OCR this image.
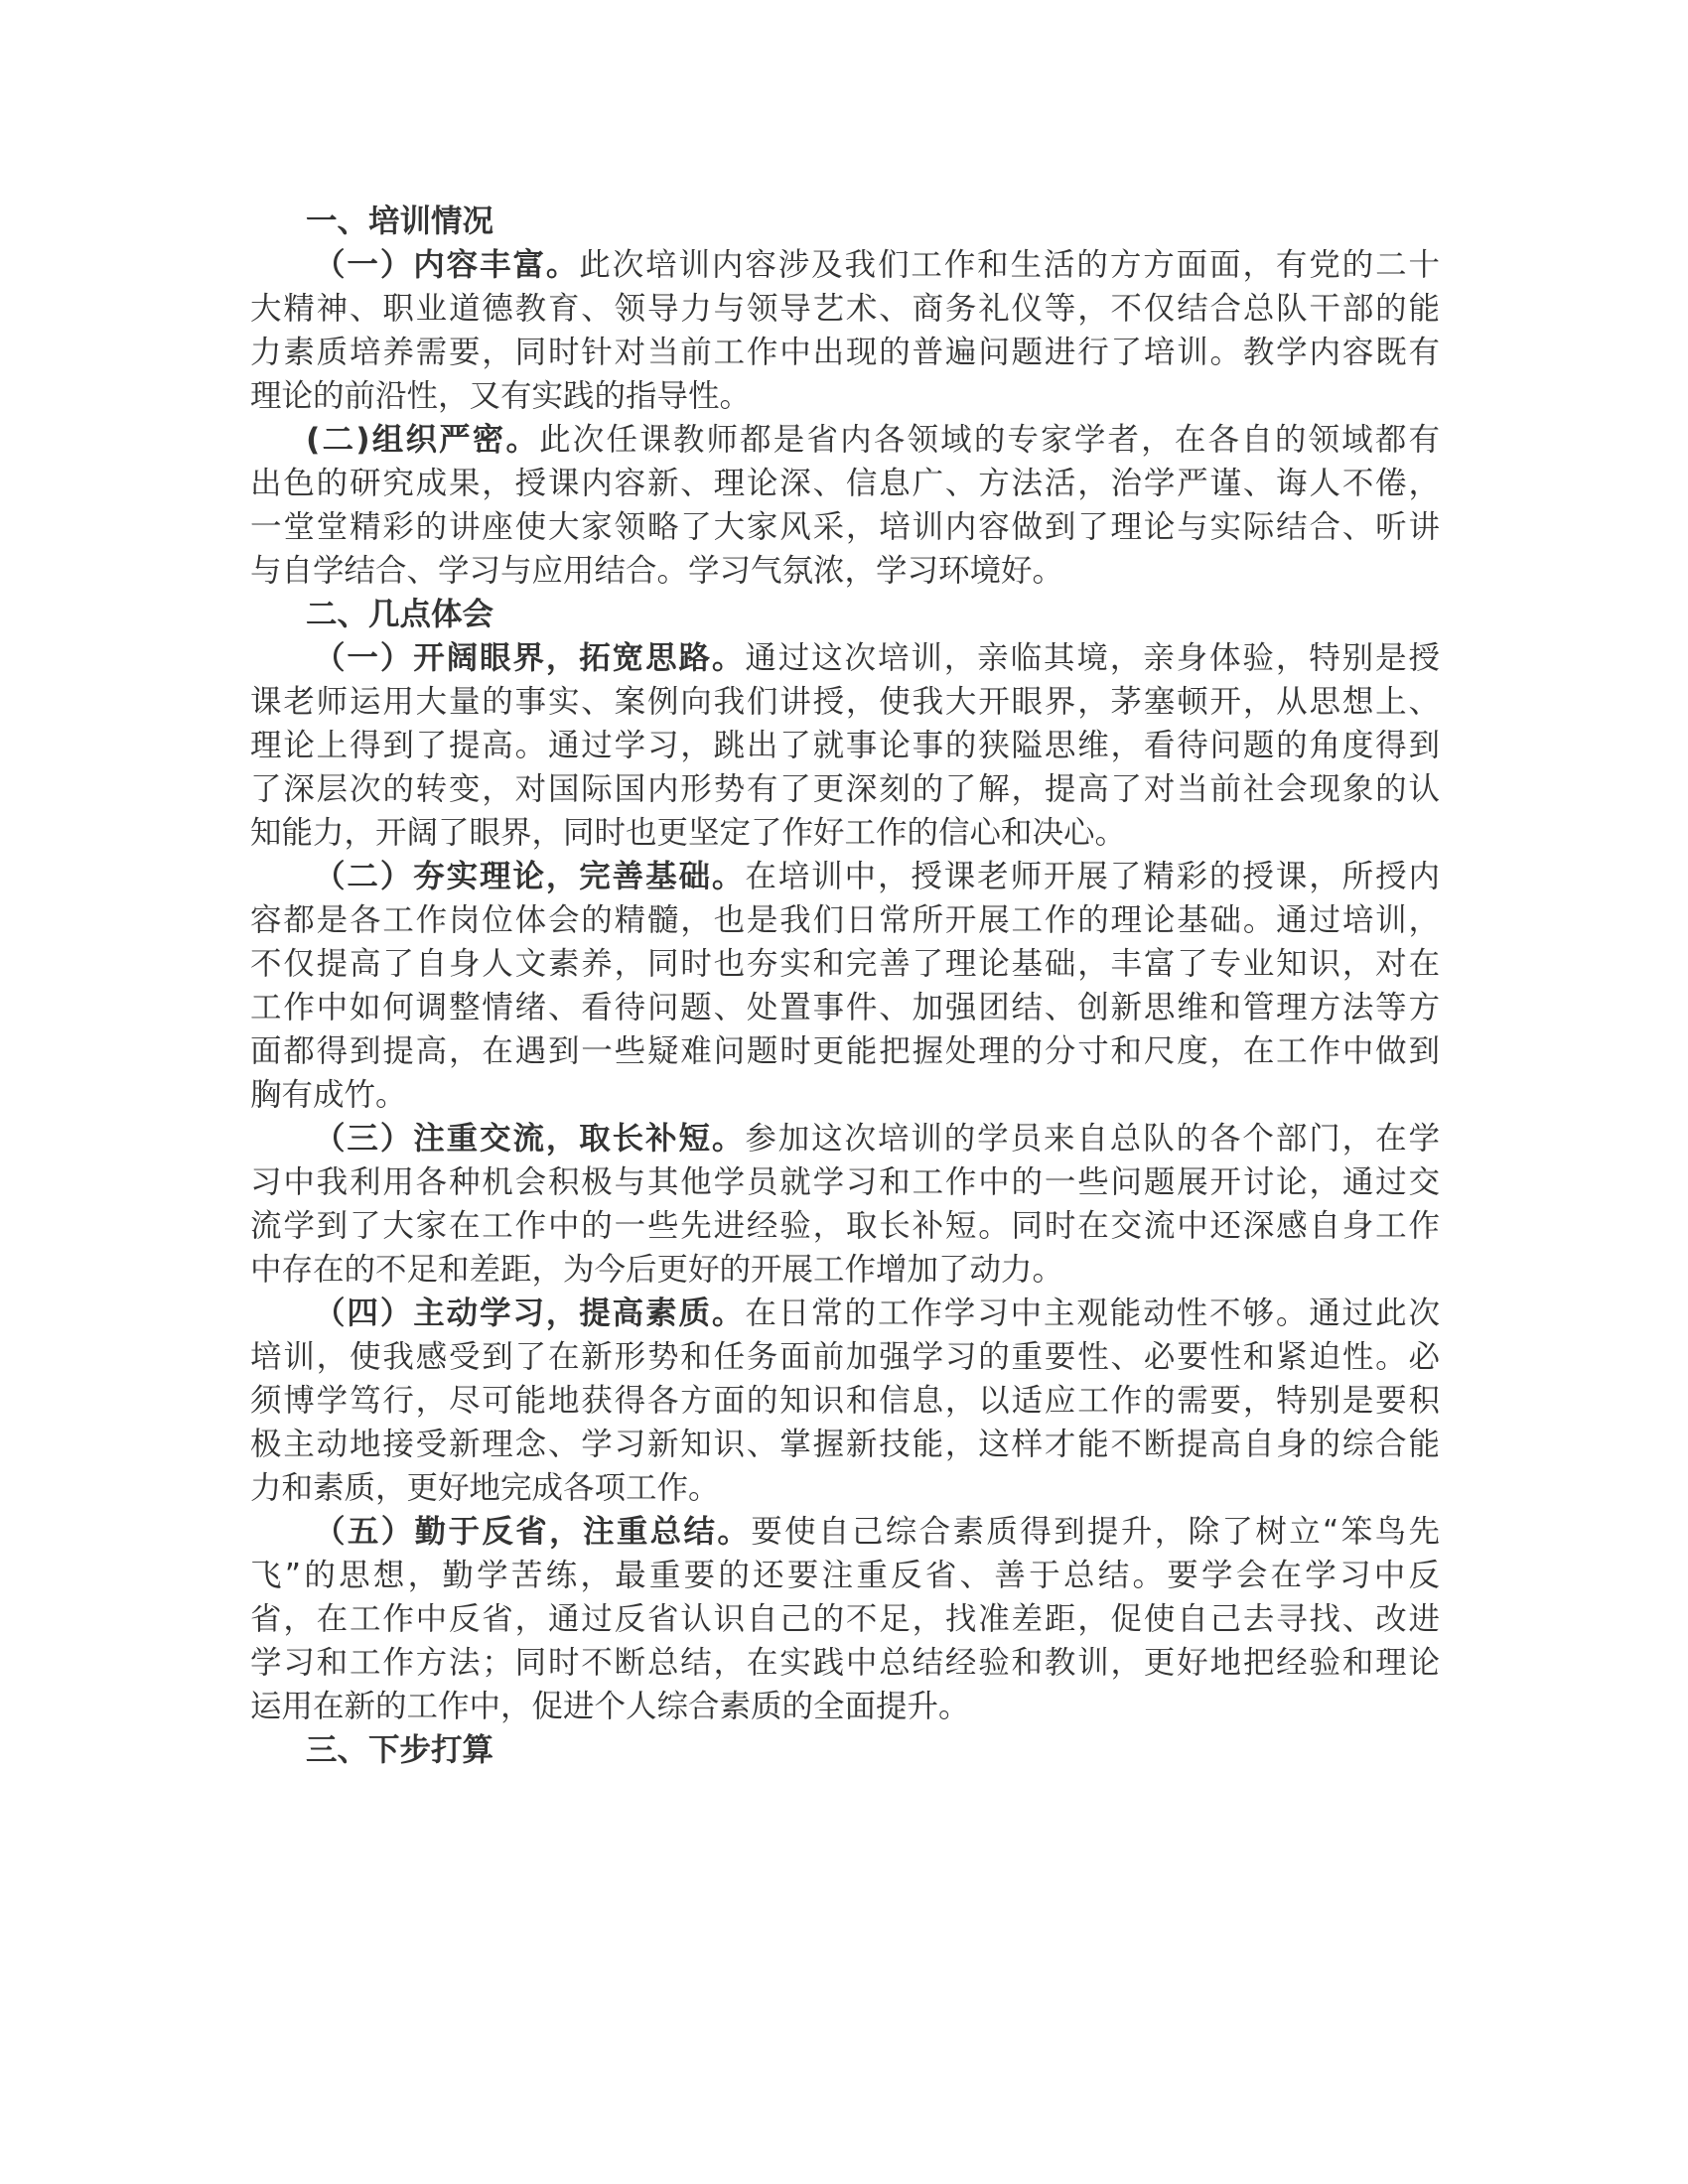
一、培训情况
（一）内容丰富。此次培训内容涉及我们工作和生活的方方面面，有党的二十
大精神、职业道德教育、领导力与领导艺术、商务礼仪等，不仅结合总队干部的能
力素质培养需要，同时针对当前工作中出现的普遍问题进行了培训。教学内容既有
理论的前沿性，又有实践的指导性。
(二)组织严密。此次任课教师都是省内各领域的专家学者，在各自的领域都有
出色的研究成果，授课内容新、理论深、信息广、方法活，治学严谨、诲人不倦，
一堂堂精彩的讲座使大家领略了大家风采，培训内容做到了理论与实际结合、听讲
与自学结合、学习与应用结合。学习气氛浓，学习环境好。
二、几点体会
（一）开阔眼界，拓宽思路。通过这次培训，亲临其境，亲身体验，特别是授
课老师运用大量的事实、案例向我们讲授，使我大开眼界，茅塞顿开，从思想上、
理论上得到了提高。通过学习，跳出了就事论事的狭隘思维，看待问题的角度得到
了深层次的转变，对国际国内形势有了更深刻的了解，提高了对当前社会现象的认
知能力，开阔了眼界，同时也更坚定了作好工作的信心和决心。
（二）夯实理论，完善基础。在培训中，授课老师开展了精彩的授课，所授内
容都是各工作岗位体会的精髓，也是我们日常所开展工作的理论基础。通过培训，
不仅提高了自身人文素养，同时也夯实和完善了理论基础，丰富了专业知识，对在
工作中如何调整情绪、看待问题、处置事件、加强团结、创新思维和管理方法等方
面都得到提高，在遇到一些疑难问题时更能把握处理的分寸和尺度，在工作中做到
胸有成竹。
（三）注重交流，取长补短。参加这次培训的学员来自总队的各个部门，在学
习中我利用各种机会积极与其他学员就学习和工作中的一些问题展开讨论，通过交
流学到了大家在工作中的一些先进经验，取长补短。同时在交流中还深感自身工作
中存在的不足和差距，为今后更好的开展工作增加了动力。
（四）主动学习，提高素质。在日常的工作学习中主观能动性不够。通过此次
培训，使我感受到了在新形势和任务面前加强学习的重要性、必要性和紧迫性。必
须博学笃行，尽可能地获得各方面的知识和信息，以适应工作的需要，特别是要积
极主动地接受新理念、学习新知识、掌握新技能，这样才能不断提高自身的综合能
力和素质，更好地完成各项工作。
（五）勤于反省，注重总结。要使自己综合素质得到提升，除了树立“笨鸟先
飞”的思想，勤学苦练，最重要的还要注重反省、善于总结。要学会在学习中反
省，在工作中反省，通过反省认识自己的不足，找准差距，促使自己去寻找、改进
学习和工作方法；同时不断总结，在实践中总结经验和教训，更好地把经验和理论
运用在新的工作中，促进个人综合素质的全面提升。
三、下步打算
